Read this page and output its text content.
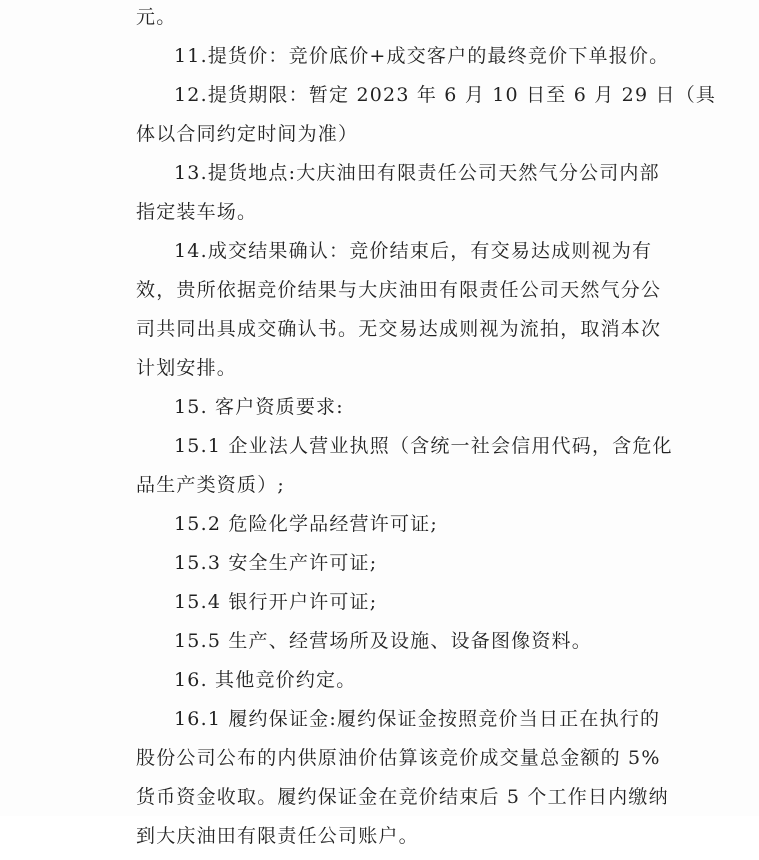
元。
11.提货价：竞价底价+成交客户的最终竞价下单报价。
12.提货期限：暂定 2023 年 6 月 10 日至 6 月 29 日（具
体以合同约定时间为准）
13.提货地点:大庆油田有限责任公司天然气分公司内部
指定装车场。
14.成交结果确认：竞价结束后，有交易达成则视为有
效，贵所依据竞价结果与大庆油田有限责任公司天然气分公
司共同出具成交确认书。无交易达成则视为流拍，取消本次
计划安排。
15. 客户资质要求:
15.1 企业法人营业执照（含统一社会信用代码，含危化
品生产类资质）;
15.2 危险化学品经营许可证;
15.3 安全生产许可证;
15.4 银行开户许可证;
15.5 生产、经营场所及设施、设备图像资料。
16. 其他竞价约定。
16.1 履约保证金:履约保证金按照竞价当日正在执行的
股份公司公布的内供原油价估算该竞价成交量总金额的 5%
货币资金收取。履约保证金在竞价结束后 5 个工作日内缴纳
到大庆油田有限责任公司账户。
